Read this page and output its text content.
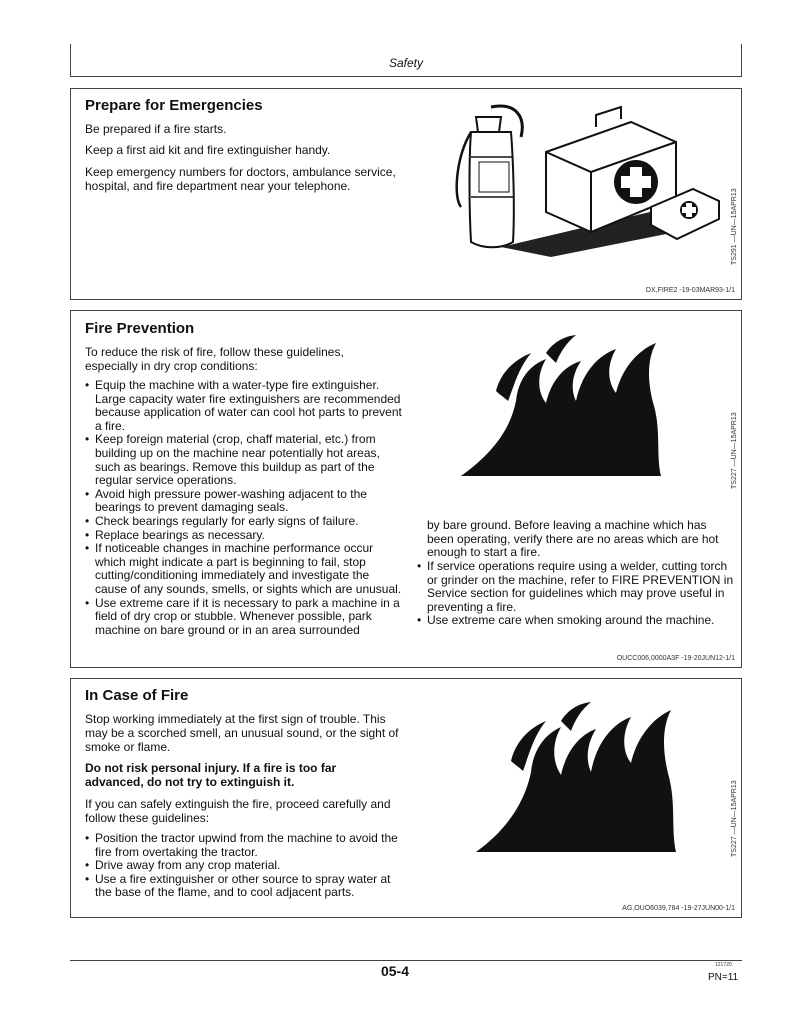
Safety
Prepare for Emergencies
Be prepared if a fire starts.
Keep a first aid kit and fire extinguisher handy.
Keep emergency numbers for doctors, ambulance service, hospital, and fire department near your telephone.
TS291 —UN—15APR13
DX,FIRE2 -19-03MAR93-1/1
Fire Prevention
To reduce the risk of fire, follow these guidelines, especially in dry crop conditions:
• Equip the machine with a water-type fire extinguisher. Large capacity water fire extinguishers are recommended because application of water can cool hot parts to prevent a fire.
• Keep foreign material (crop, chaff material, etc.) from building up on the machine near potentially hot areas, such as bearings. Remove this buildup as part of the regular service operations.
• Avoid high pressure power-washing adjacent to the bearings to prevent damaging seals.
• Check bearings regularly for early signs of failure.
• Replace bearings as necessary.
• If noticeable changes in machine performance occur which might indicate a part is beginning to fail, stop cutting/conditioning immediately and investigate the cause of any sounds, smells, or sights which are unusual.
• Use extreme care if it is necessary to park a machine in a field of dry crop or stubble. Whenever possible, park machine on bare ground or in an area surrounded
by bare ground. Before leaving a machine which has been operating, verify there are no areas which are hot enough to start a fire.
• If service operations require using a welder, cutting torch or grinder on the machine, refer to FIRE PREVENTION in Service section for guidelines which may prove useful in preventing a fire.
• Use extreme care when smoking around the machine.
TS227 —UN—15APR13
OUCC006,0000A3F -19-20JUN12-1/1
In Case of Fire
Stop working immediately at the first sign of trouble. This may be a scorched smell, an unusual sound, or the sight of smoke or flame.
Do not risk personal injury. If a fire is too far advanced, do not try to extinguish it.
If you can safely extinguish the fire, proceed carefully and follow these guidelines:
• Position the tractor upwind from the machine to avoid the fire from overtaking the tractor.
• Drive away from any crop material.
• Use a fire extinguisher or other source to spray water at the base of the flame, and to cool adjacent parts.
TS227 —UN—15APR13
AG,OUO6039,784 -19-27JUN00-1/1
05-4	121720
PN=11
